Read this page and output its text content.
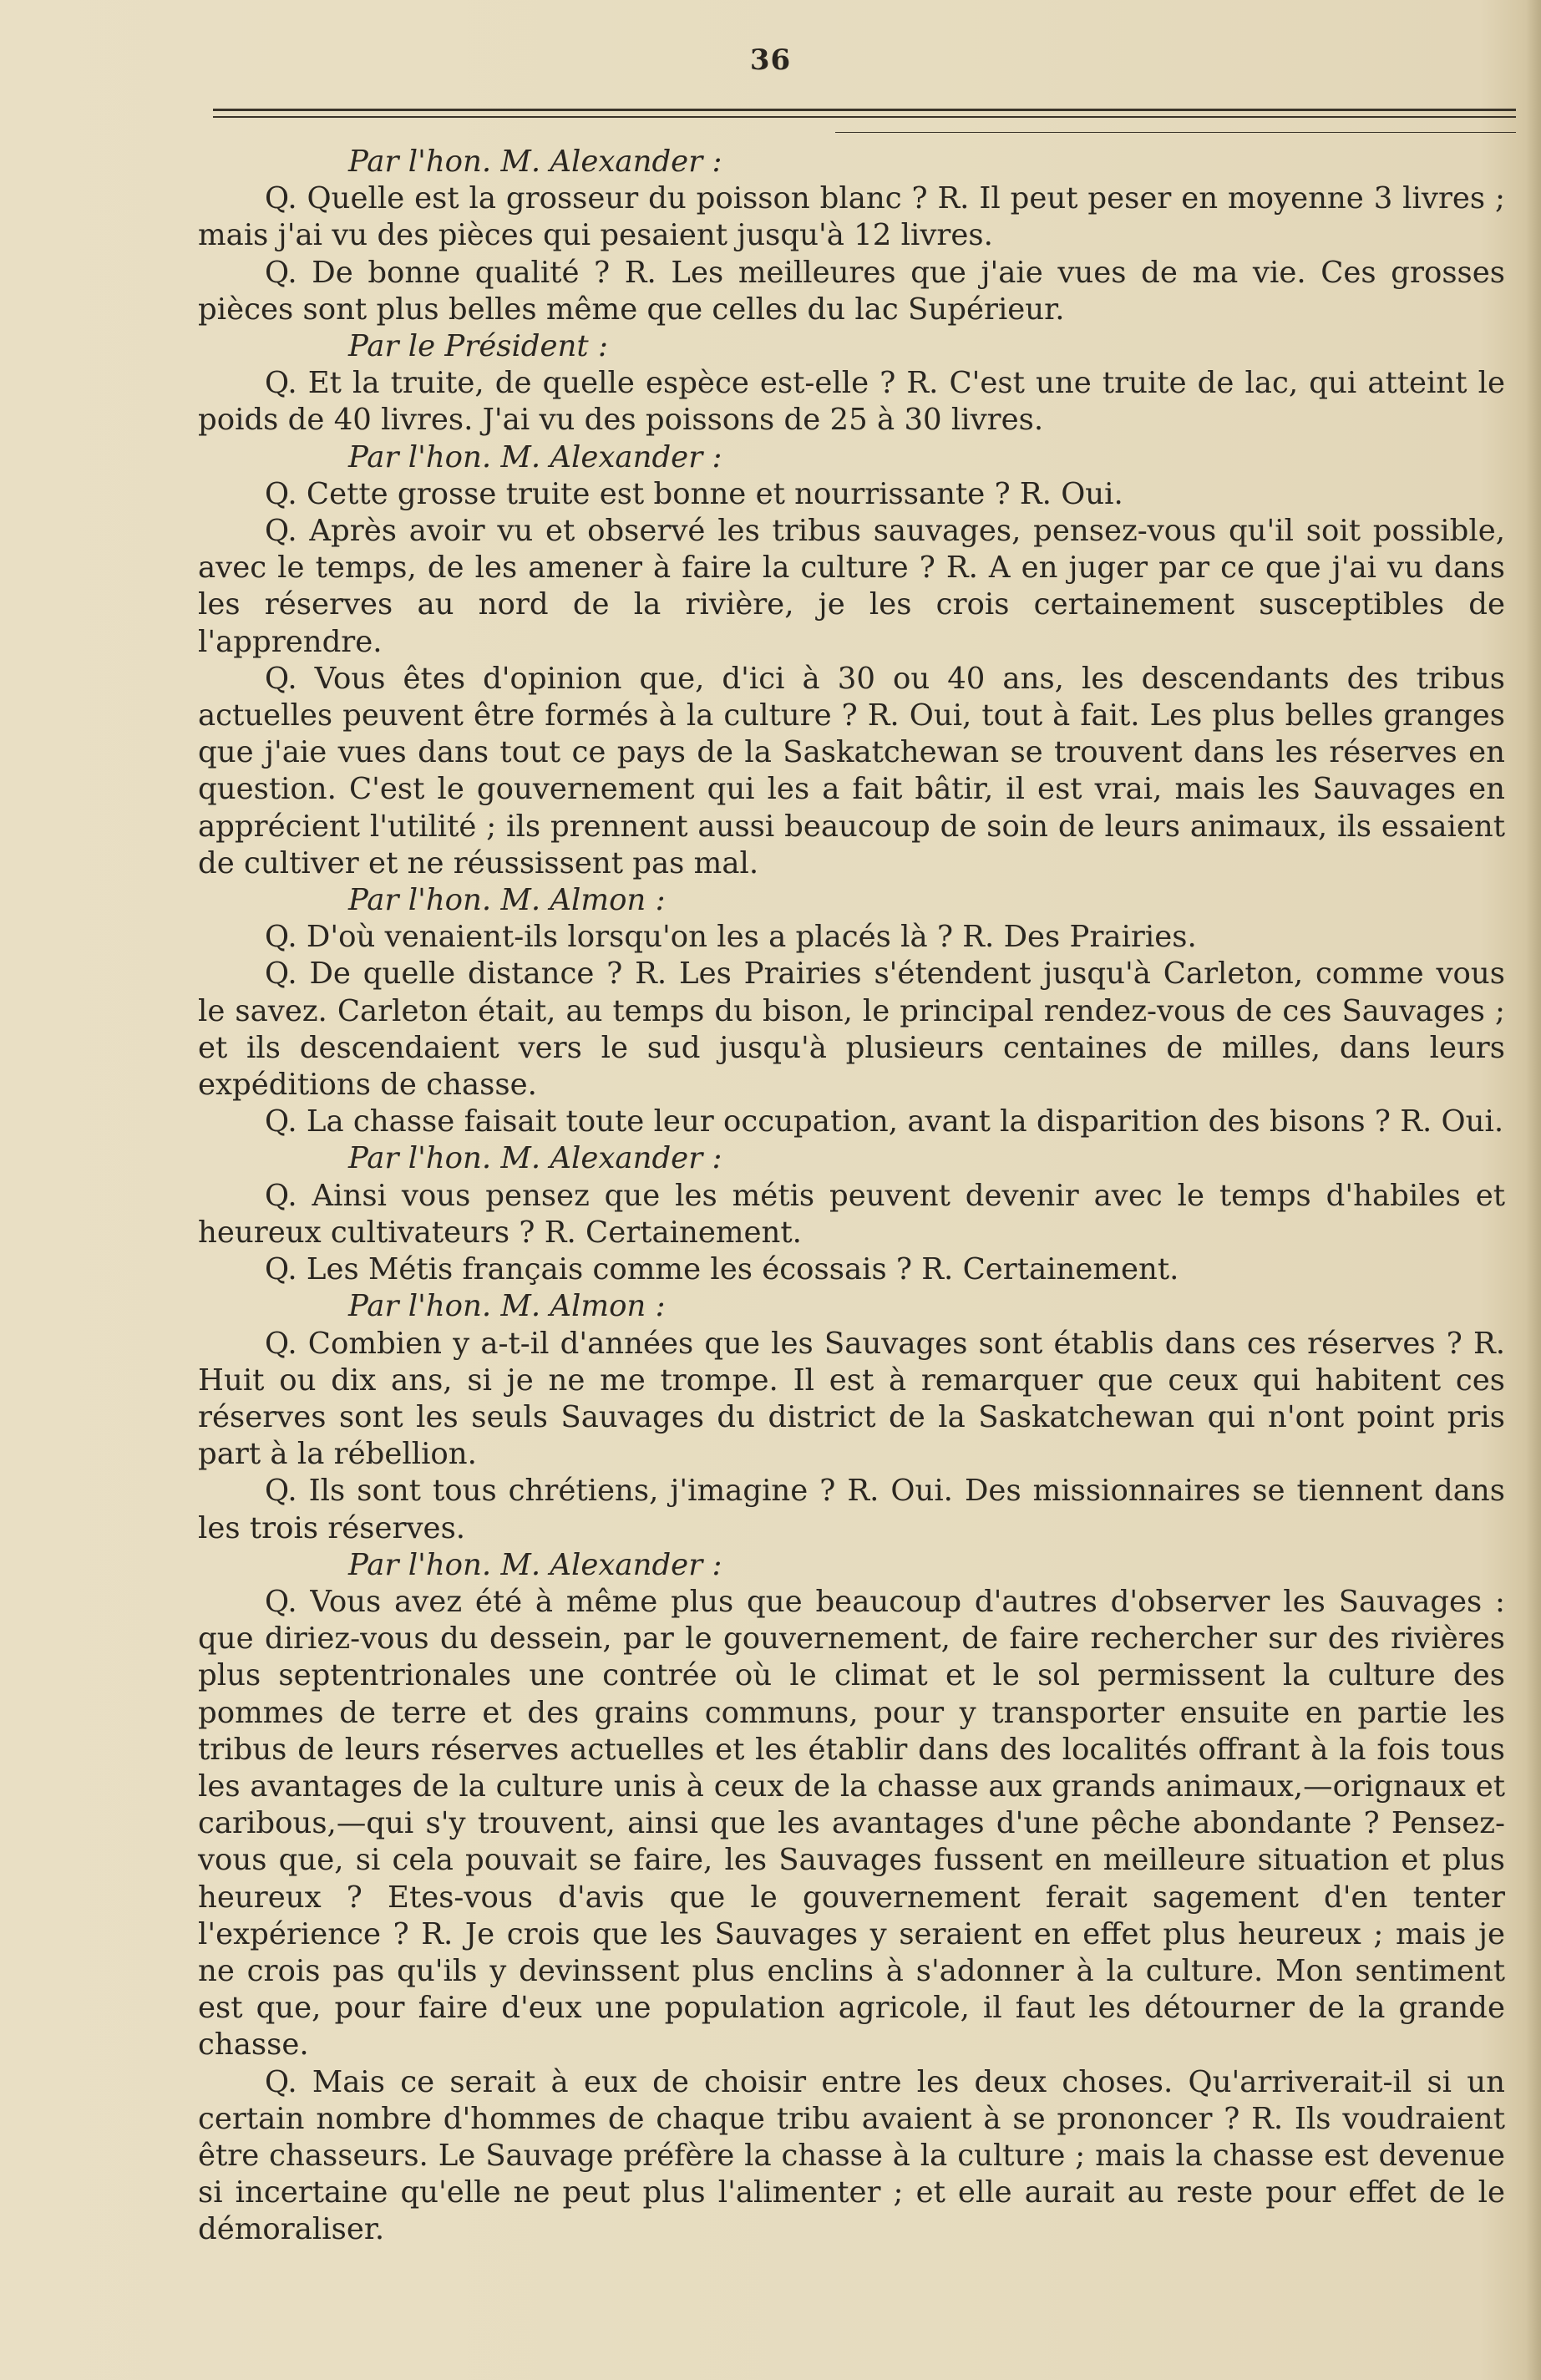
36

Par l'hon. M. Alexander :

Q. Quelle est la grosseur du poisson blanc ? R. Il peut peser en moyenne 3 livres ; mais j'ai vu des pièces qui pesaient jusqu'à 12 livres.

Q. De bonne qualité ? R. Les meilleures que j'aie vues de ma vie. Ces grosses pièces sont plus belles même que celles du lac Supérieur.

Par le Président :

Q. Et la truite, de quelle espèce est-elle ? R. C'est une truite de lac, qui atteint le poids de 40 livres. J'ai vu des poissons de 25 à 30 livres.

Par l'hon. M. Alexander :

Q. Cette grosse truite est bonne et nourrissante ? R. Oui.

Q. Après avoir vu et observé les tribus sauvages, pensez-vous qu'il soit possible, avec le temps, de les amener à faire la culture ? R. A en juger par ce que j'ai vu dans les réserves au nord de la rivière, je les crois certainement susceptibles de l'apprendre.

Q. Vous êtes d'opinion que, d'ici à 30 ou 40 ans, les descendants des tribus actuelles peuvent être formés à la culture ? R. Oui, tout à fait. Les plus belles granges que j'aie vues dans tout ce pays de la Saskatchewan se trouvent dans les réserves en question. C'est le gouvernement qui les a fait bâtir, il est vrai, mais les Sauvages en apprécient l'utilité ; ils prennent aussi beaucoup de soin de leurs animaux, ils essaient de cultiver et ne réussissent pas mal.

Par l'hon. M. Almon :

Q. D'où venaient-ils lorsqu'on les a placés là ? R. Des Prairies.

Q. De quelle distance ? R. Les Prairies s'étendent jusqu'à Carleton, comme vous le savez. Carleton était, au temps du bison, le principal rendez-vous de ces Sauvages ; et ils descendaient vers le sud jusqu'à plusieurs centaines de milles, dans leurs expéditions de chasse.

Q. La chasse faisait toute leur occupation, avant la disparition des bisons ? R. Oui.

Par l'hon. M. Alexander :

Q. Ainsi vous pensez que les métis peuvent devenir avec le temps d'habiles et heureux cultivateurs ? R. Certainement.

Q. Les Métis français comme les écossais ? R. Certainement.

Par l'hon. M. Almon :

Q. Combien y a-t-il d'années que les Sauvages sont établis dans ces réserves ? R. Huit ou dix ans, si je ne me trompe. Il est à remarquer que ceux qui habitent ces réserves sont les seuls Sauvages du district de la Saskatchewan qui n'ont point pris part à la rébellion.

Q. Ils sont tous chrétiens, j'imagine ? R. Oui. Des missionnaires se tiennent dans les trois réserves.

Par l'hon. M. Alexander :

Q. Vous avez été à même plus que beaucoup d'autres d'observer les Sauvages : que diriez-vous du dessein, par le gouvernement, de faire rechercher sur des rivières plus septentrionales une contrée où le climat et le sol permissent la culture des pommes de terre et des grains communs, pour y transporter ensuite en partie les tribus de leurs réserves actuelles et les établir dans des localités offrant à la fois tous les avantages de la culture unis à ceux de la chasse aux grands animaux,—orignaux et caribous,—qui s'y trouvent, ainsi que les avantages d'une pêche abondante ? Pensez-vous que, si cela pouvait se faire, les Sauvages fussent en meilleure situation et plus heureux ? Etes-vous d'avis que le gouvernement ferait sagement d'en tenter l'expérience ? R. Je crois que les Sauvages y seraient en effet plus heureux ; mais je ne crois pas qu'ils y devinssent plus enclins à s'adonner à la culture. Mon sentiment est que, pour faire d'eux une population agricole, il faut les détourner de la grande chasse.

Q. Mais ce serait à eux de choisir entre les deux choses. Qu'arriverait-il si un certain nombre d'hommes de chaque tribu avaient à se prononcer ? R. Ils voudraient être chasseurs. Le Sauvage préfère la chasse à la culture ; mais la chasse est devenue si incertaine qu'elle ne peut plus l'alimenter ; et elle aurait au reste pour effet de le démoraliser.
